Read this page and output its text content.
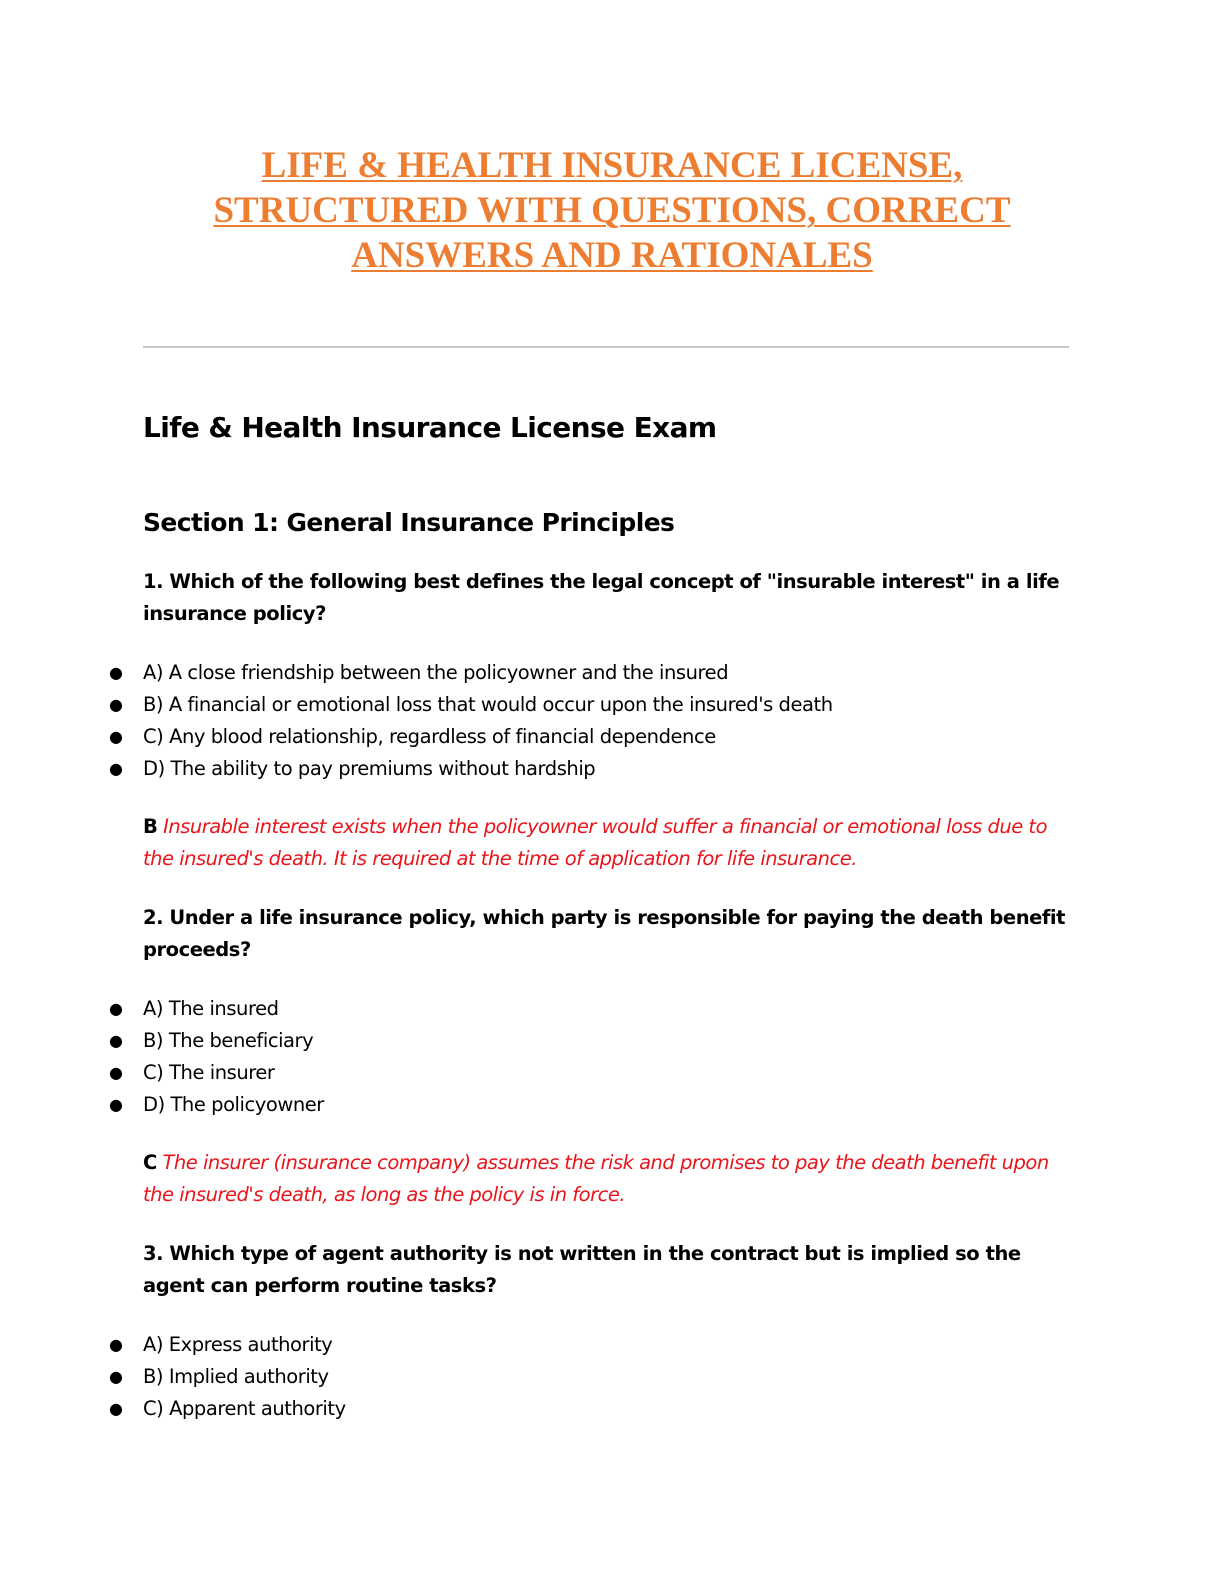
LIFE & HEALTH INSURANCE LICENSE, STRUCTURED WITH QUESTIONS, CORRECT ANSWERS AND RATIONALES
Life & Health Insurance License Exam
Section 1: General Insurance Principles

1. Which of the following best defines the legal concept of "insurable interest" in a life insurance policy?

● A) A close friendship between the policyowner and the insured
● B) A financial or emotional loss that would occur upon the insured's death
● C) Any blood relationship, regardless of financial dependence
● D) The ability to pay premiums without hardship

B Insurable interest exists when the policyowner would suffer a financial or emotional loss due to the insured's death. It is required at the time of application for life insurance.

2. Under a life insurance policy, which party is responsible for paying the death benefit proceeds?

● A) The insured
● B) The beneficiary
● C) The insurer
● D) The policyowner

C The insurer (insurance company) assumes the risk and promises to pay the death benefit upon the insured's death, as long as the policy is in force.

3. Which type of agent authority is not written in the contract but is implied so the agent can perform routine tasks?

● A) Express authority
● B) Implied authority
● C) Apparent authority
